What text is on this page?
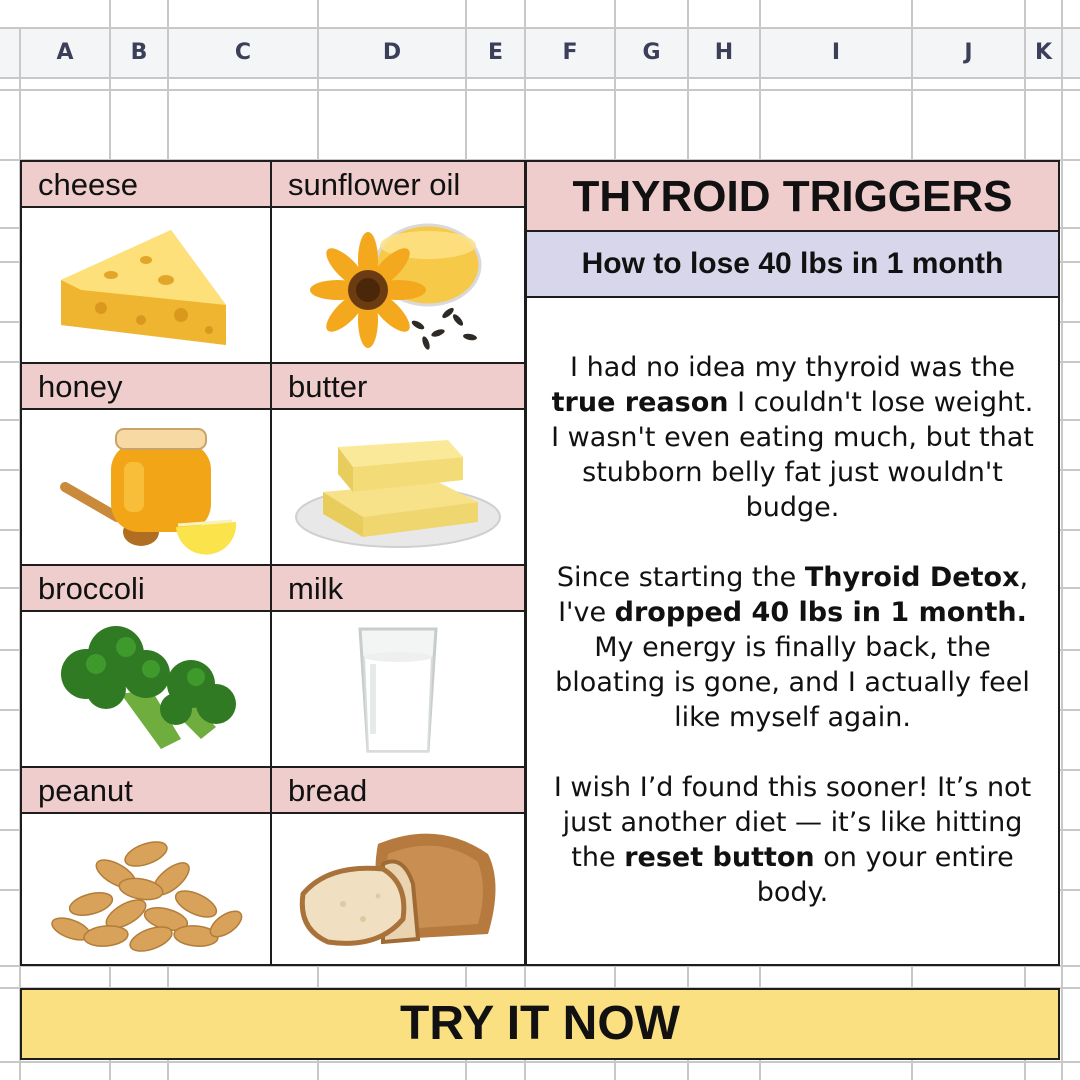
A	B	C	D	E	F	G	H	I	J	K
cheese	sunflower oil
honey	butter
broccoli	milk
peanut	bread
THYROID TRIGGERS
How to lose 40 lbs in 1 month

I had no idea my thyroid was the true reason I couldn't lose weight. I wasn't even eating much, but that stubborn belly fat just wouldn't budge.

Since starting the Thyroid Detox, I've dropped 40 lbs in 1 month. My energy is finally back, the bloating is gone, and I actually feel like myself again.

I wish I’d found this sooner! It’s not just another diet — it’s like hitting the reset button on your entire body.

TRY IT NOW
